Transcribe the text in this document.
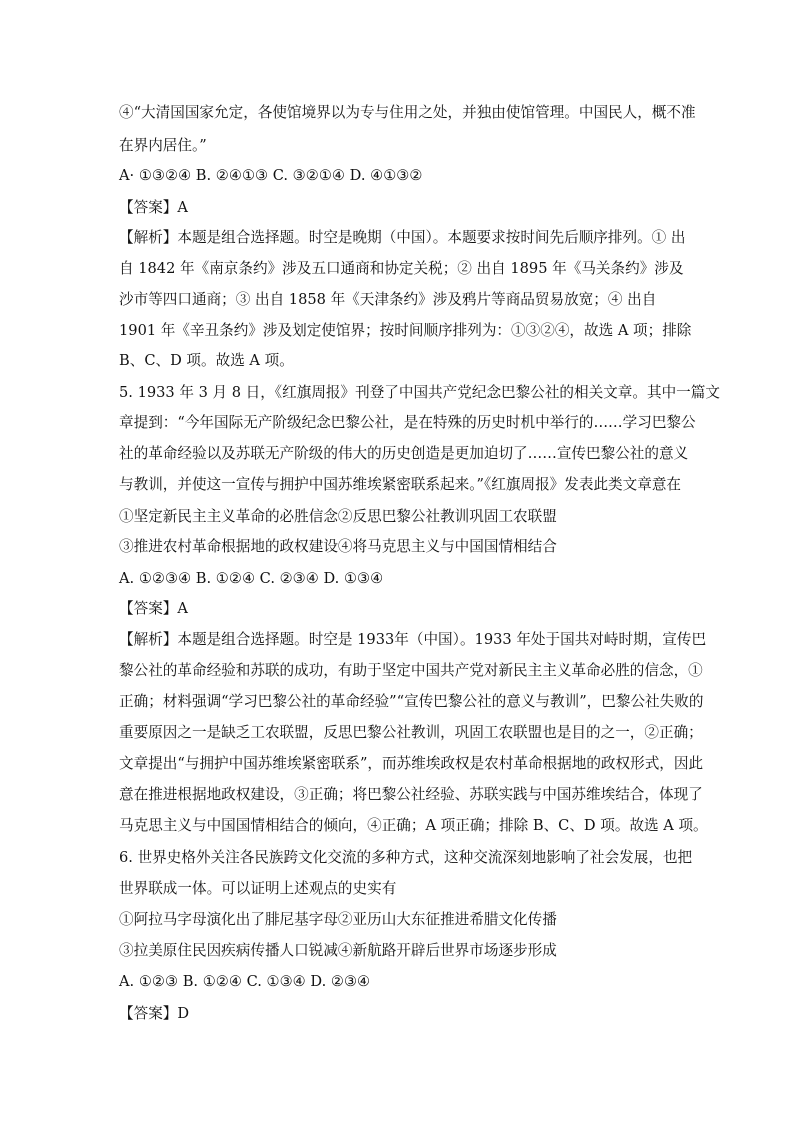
④“大清国国家允定，各使馆境界以为专与住用之处，并独由使馆管理。中国民人，概不准
在界内居住。”
A· ①③②④ B. ②④①③ C. ③②①④ D. ④①③②
【答案】A
【解析】本题是组合选择题。时空是晚期（中国）。本题要求按时间先后顺序排列。① 出
自 1842 年《南京条约》涉及五口通商和协定关税；② 出自 1895 年《马关条约》涉及
沙市等四口通商；③ 出自 1858 年《天津条约》涉及鸦片等商品贸易放宽；④ 出自
1901 年《辛丑条约》涉及划定使馆界；按时间顺序排列为：①③②④，故选 A 项；排除
B、C、D 项。故选 A 项。
5. 1933 年 3 月 8 日，《红旗周报》刊登了中国共产党纪念巴黎公社的相关文章。其中一篇文
章提到：“今年国际无产阶级纪念巴黎公社，是在特殊的历史时机中举行的……学习巴黎公
社的革命经验以及苏联无产阶级的伟大的历史创造是更加迫切了……宣传巴黎公社的意义
与教训，并使这一宣传与拥护中国苏维埃紧密联系起来。”《红旗周报》发表此类文章意在
①坚定新民主主义革命的必胜信念②反思巴黎公社教训巩固工农联盟
③推进农村革命根据地的政权建设④将马克思主义与中国国情相结合
A. ①②③④ B. ①②④ C. ②③④ D. ①③④
【答案】A
【解析】本题是组合选择题。时空是 1933年（中国）。1933 年处于国共对峙时期，宣传巴
黎公社的革命经验和苏联的成功，有助于坚定中国共产党对新民主主义革命必胜的信念，①
正确；材料强调“学习巴黎公社的革命经验”“宣传巴黎公社的意义与教训”，巴黎公社失败的
重要原因之一是缺乏工农联盟，反思巴黎公社教训，巩固工农联盟也是目的之一，②正确；
文章提出“与拥护中国苏维埃紧密联系”，而苏维埃政权是农村革命根据地的政权形式，因此
意在推进根据地政权建设，③正确；将巴黎公社经验、苏联实践与中国苏维埃结合，体现了
马克思主义与中国国情相结合的倾向，④正确；A 项正确；排除 B、C、D 项。故选 A 项。
6. 世界史格外关注各民族跨文化交流的多种方式，这种交流深刻地影响了社会发展，也把
世界联成一体。可以证明上述观点的史实有
①阿拉马字母演化出了腓尼基字母②亚历山大东征推进希腊文化传播
③拉美原住民因疾病传播人口锐减④新航路开辟后世界市场逐步形成
A. ①②③ B. ①②④ C. ①③④ D. ②③④
【答案】D
